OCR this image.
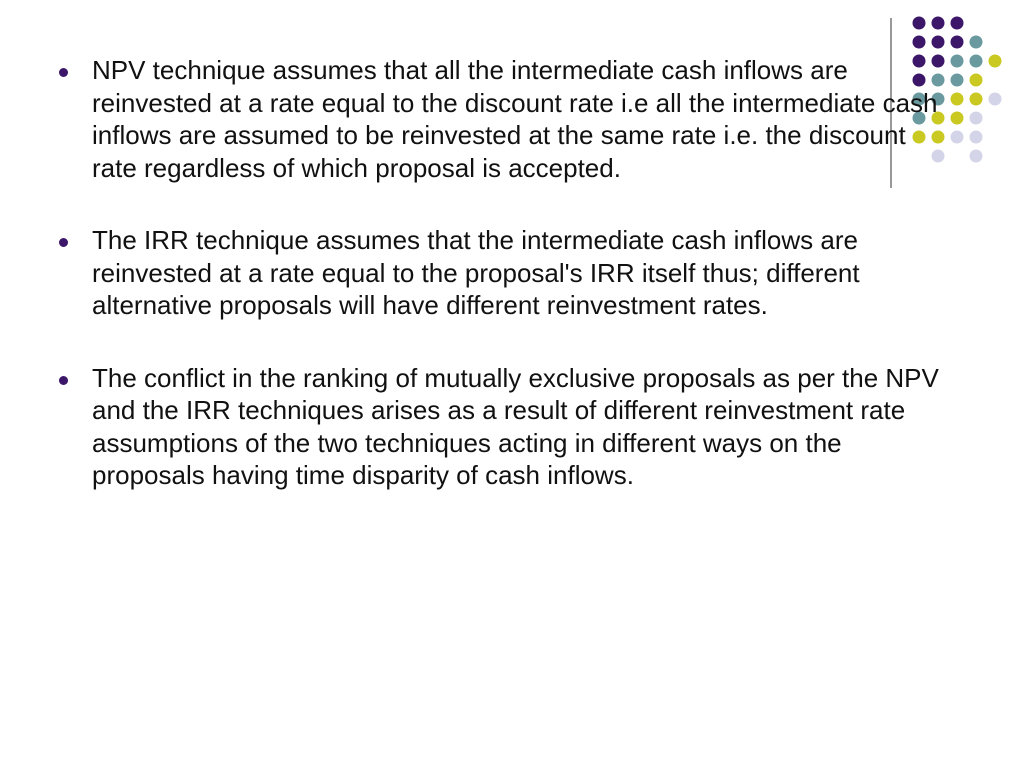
NPV technique assumes that all the intermediate cash inflows are reinvested at a rate equal to the discount rate i.e all the intermediate cash inflows are assumed to be reinvested at the same rate i.e. the discount rate regardless of which proposal is accepted.
The IRR technique assumes that the intermediate cash inflows are reinvested at a rate equal to the proposal's IRR itself thus; different alternative proposals will have different reinvestment rates.
The conflict in the ranking of mutually exclusive proposals as per the NPV and the IRR techniques arises as a result of different reinvestment rate assumptions of the two techniques acting in different ways on the proposals having time disparity of cash inflows.
